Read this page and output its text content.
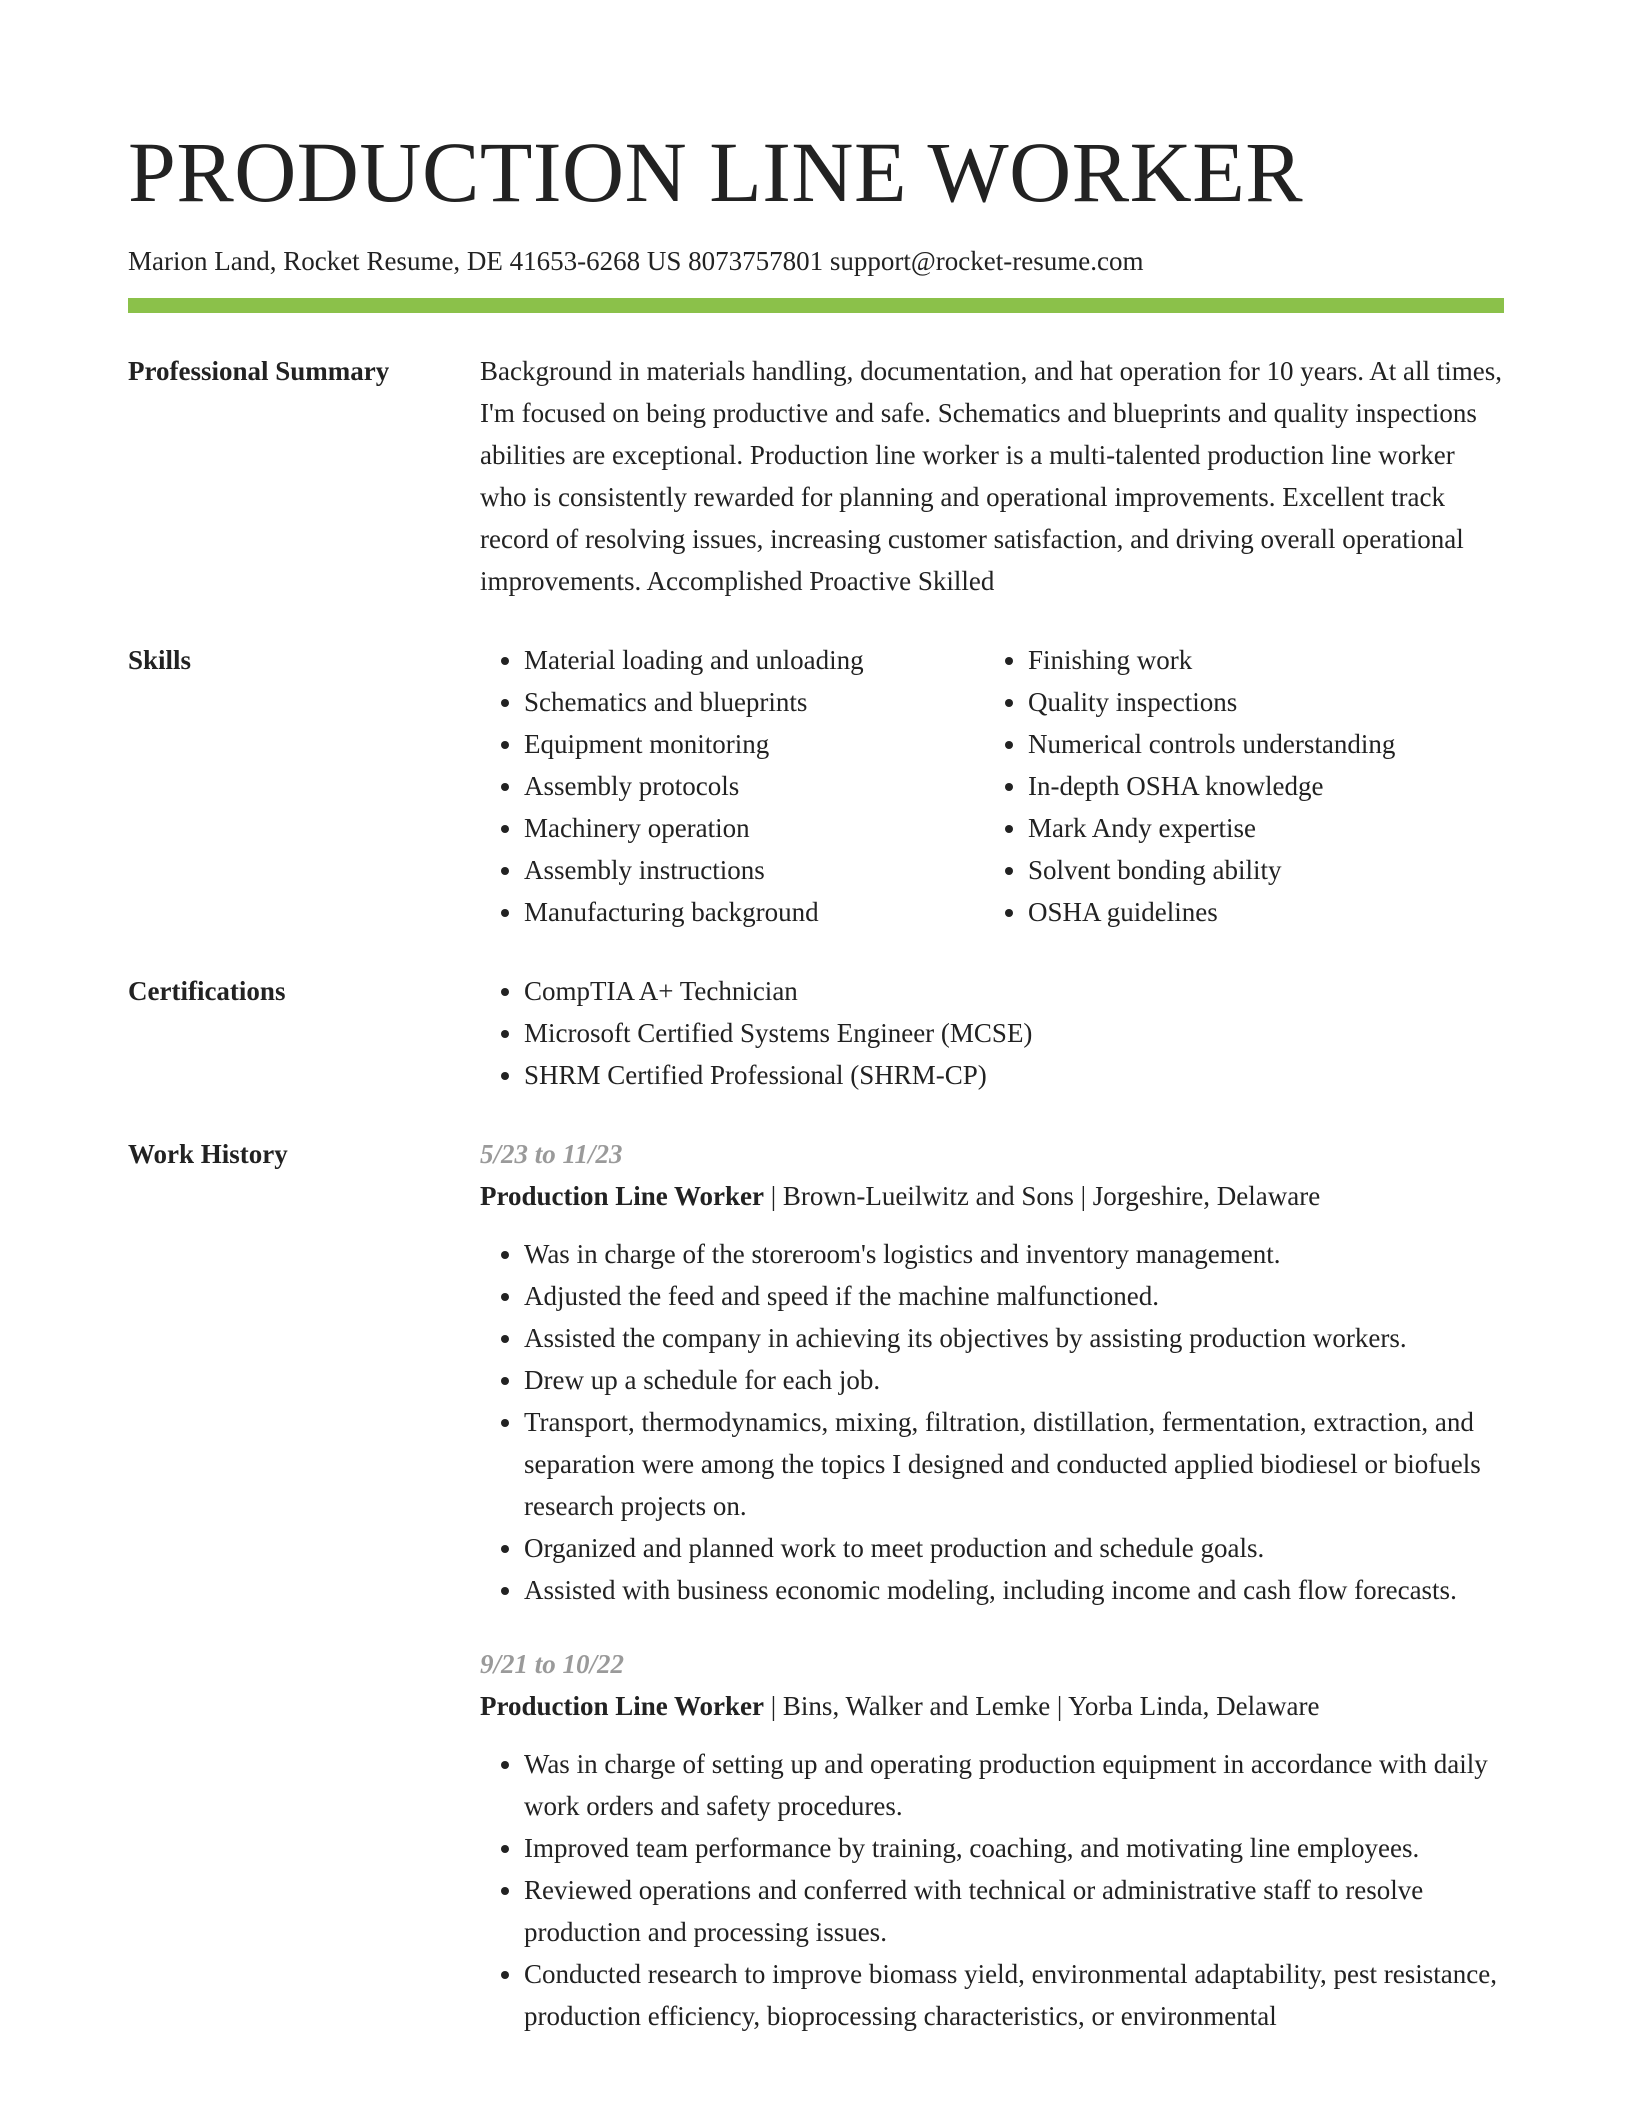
PRODUCTION LINE WORKER
Marion Land, Rocket Resume, DE 41653-6268 US 8073757801 support@rocket-resume.com
Professional Summary	Background in materials handling, documentation, and hat operation for 10 years. At all times, I'm focused on being productive and safe. Schematics and blueprints and quality inspections abilities are exceptional. Production line worker is a multi-talented production line worker who is consistently rewarded for planning and operational improvements. Excellent track record of resolving issues, increasing customer satisfaction, and driving overall operational improvements. Accomplished Proactive Skilled

Skills	• Material loading and unloading
• Schematics and blueprints
• Equipment monitoring
• Assembly protocols
• Machinery operation
• Assembly instructions
• Manufacturing background
• Finishing work
• Quality inspections
• Numerical controls understanding
• In-depth OSHA knowledge
• Mark Andy expertise
• Solvent bonding ability
• OSHA guidelines
Certifications	• CompTIA A+ Technician
• Microsoft Certified Systems Engineer (MCSE)
• SHRM Certified Professional (SHRM-CP)
Work History	5/23 to 11/23
Production Line Worker | Brown-Lueilwitz and Sons | Jorgeshire, Delaware
• Was in charge of the storeroom's logistics and inventory management.
• Adjusted the feed and speed if the machine malfunctioned.
• Assisted the company in achieving its objectives by assisting production workers.
• Drew up a schedule for each job.
• Transport, thermodynamics, mixing, filtration, distillation, fermentation, extraction, and separation were among the topics I designed and conducted applied biodiesel or biofuels research projects on.
• Organized and planned work to meet production and schedule goals.
• Assisted with business economic modeling, including income and cash flow forecasts.
9/21 to 10/22
Production Line Worker | Bins, Walker and Lemke | Yorba Linda, Delaware
• Was in charge of setting up and operating production equipment in accordance with daily work orders and safety procedures.
• Improved team performance by training, coaching, and motivating line employees.
• Reviewed operations and conferred with technical or administrative staff to resolve production and processing issues.
• Conducted research to improve biomass yield, environmental adaptability, pest resistance, production efficiency, bioprocessing characteristics, or environmental
